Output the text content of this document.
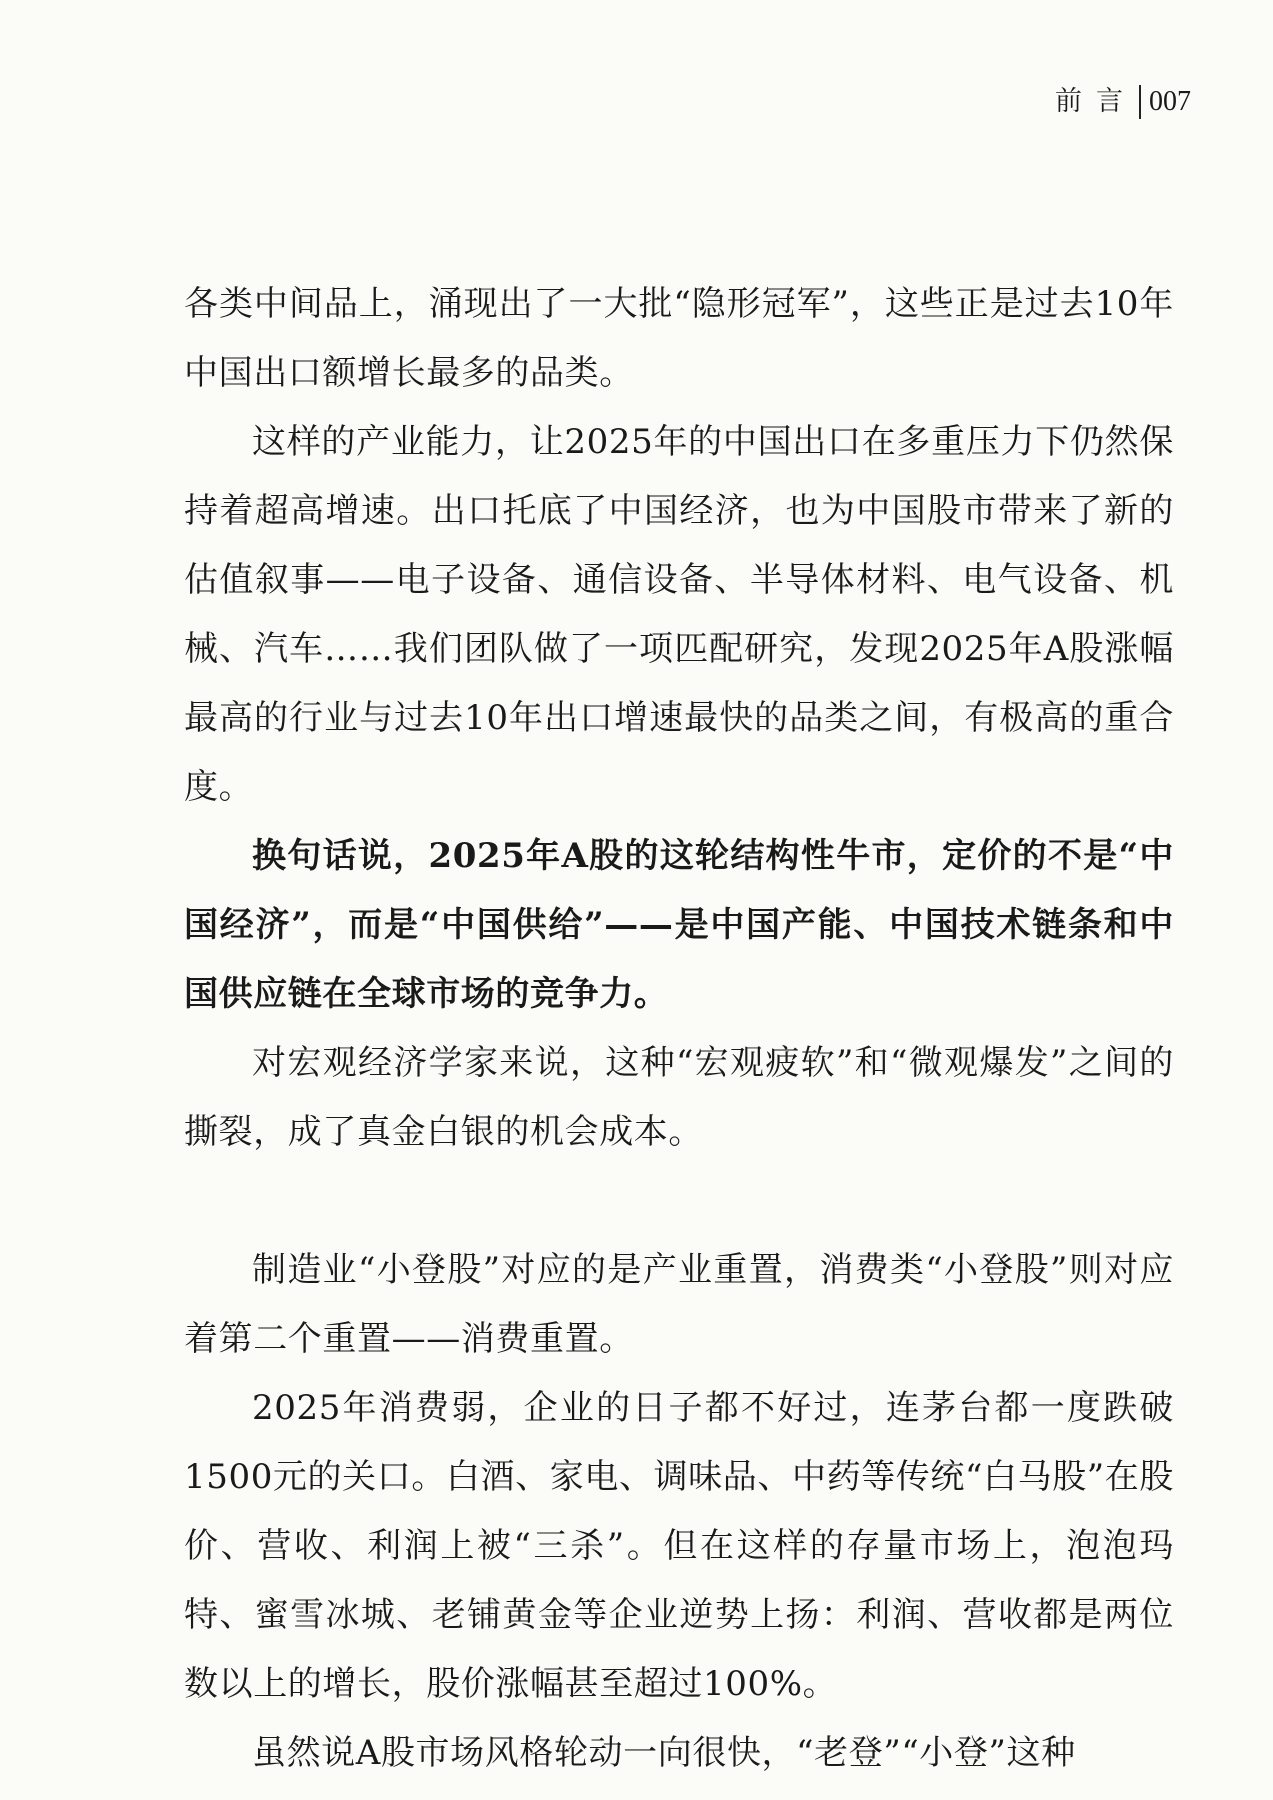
前言 007

各类中间品上，涌现出了一大批“隐形冠军”，这些正是过去10年中国出口额增长最多的品类。

这样的产业能力，让2025年的中国出口在多重压力下仍然保持着超高增速。出口托底了中国经济，也为中国股市带来了新的估值叙事——电子设备、通信设备、半导体材料、电气设备、机械、汽车……我们团队做了一项匹配研究，发现2025年A股涨幅最高的行业与过去10年出口增速最快的品类之间，有极高的重合度。

换句话说，2025年A股的这轮结构性牛市，定价的不是“中国经济”，而是“中国供给”——是中国产能、中国技术链条和中国供应链在全球市场的竞争力。

对宏观经济学家来说，这种“宏观疲软”和“微观爆发”之间的撕裂，成了真金白银的机会成本。

制造业“小登股”对应的是产业重置，消费类“小登股”则对应着第二个重置——消费重置。

2025年消费弱，企业的日子都不好过，连茅台都一度跌破1500元的关口。白酒、家电、调味品、中药等传统“白马股”在股价、营收、利润上被“三杀”。但在这样的存量市场上，泡泡玛特、蜜雪冰城、老铺黄金等企业逆势上扬：利润、营收都是两位数以上的增长，股价涨幅甚至超过100%。

虽然说A股市场风格轮动一向很快，“老登”“小登”这种
